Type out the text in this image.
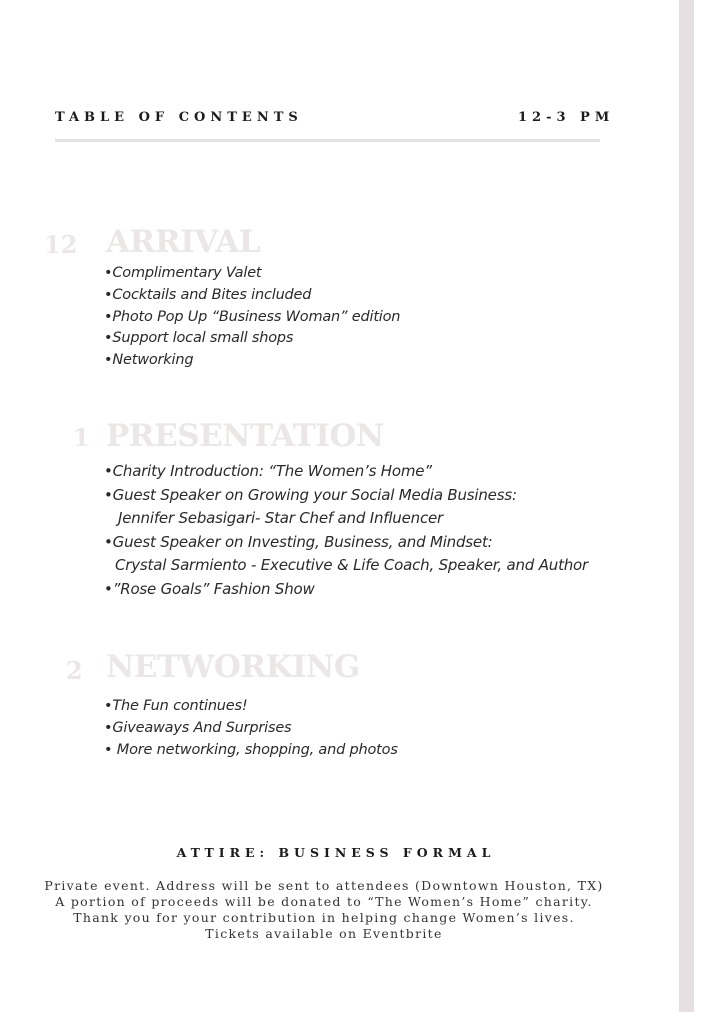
TABLE OF CONTENTS	12-3 PM
12 ARRIVAL
•Complimentary Valet
•Cocktails and Bites included
•Photo Pop Up “Business Woman” edition
•Support local small shops
•Networking
1 PRESENTATION
•Charity Introduction: “The Women’s Home”
•Guest Speaker on Growing your Social Media Business:
Jennifer Sebasigari- Star Chef and Influencer
•Guest Speaker on Investing, Business, and Mindset:
Crystal Sarmiento - Executive & Life Coach, Speaker, and Author
•”Rose Goals” Fashion Show
2 NETWORKING
•The Fun continues!
•Giveaways And Surprises
• More networking, shopping, and photos
ATTIRE: BUSINESS FORMAL
Private event. Address will be sent to attendees (Downtown Houston, TX)
A portion of proceeds will be donated to “The Women’s Home” charity.
Thank you for your contribution in helping change Women’s lives.
Tickets available on Eventbrite
